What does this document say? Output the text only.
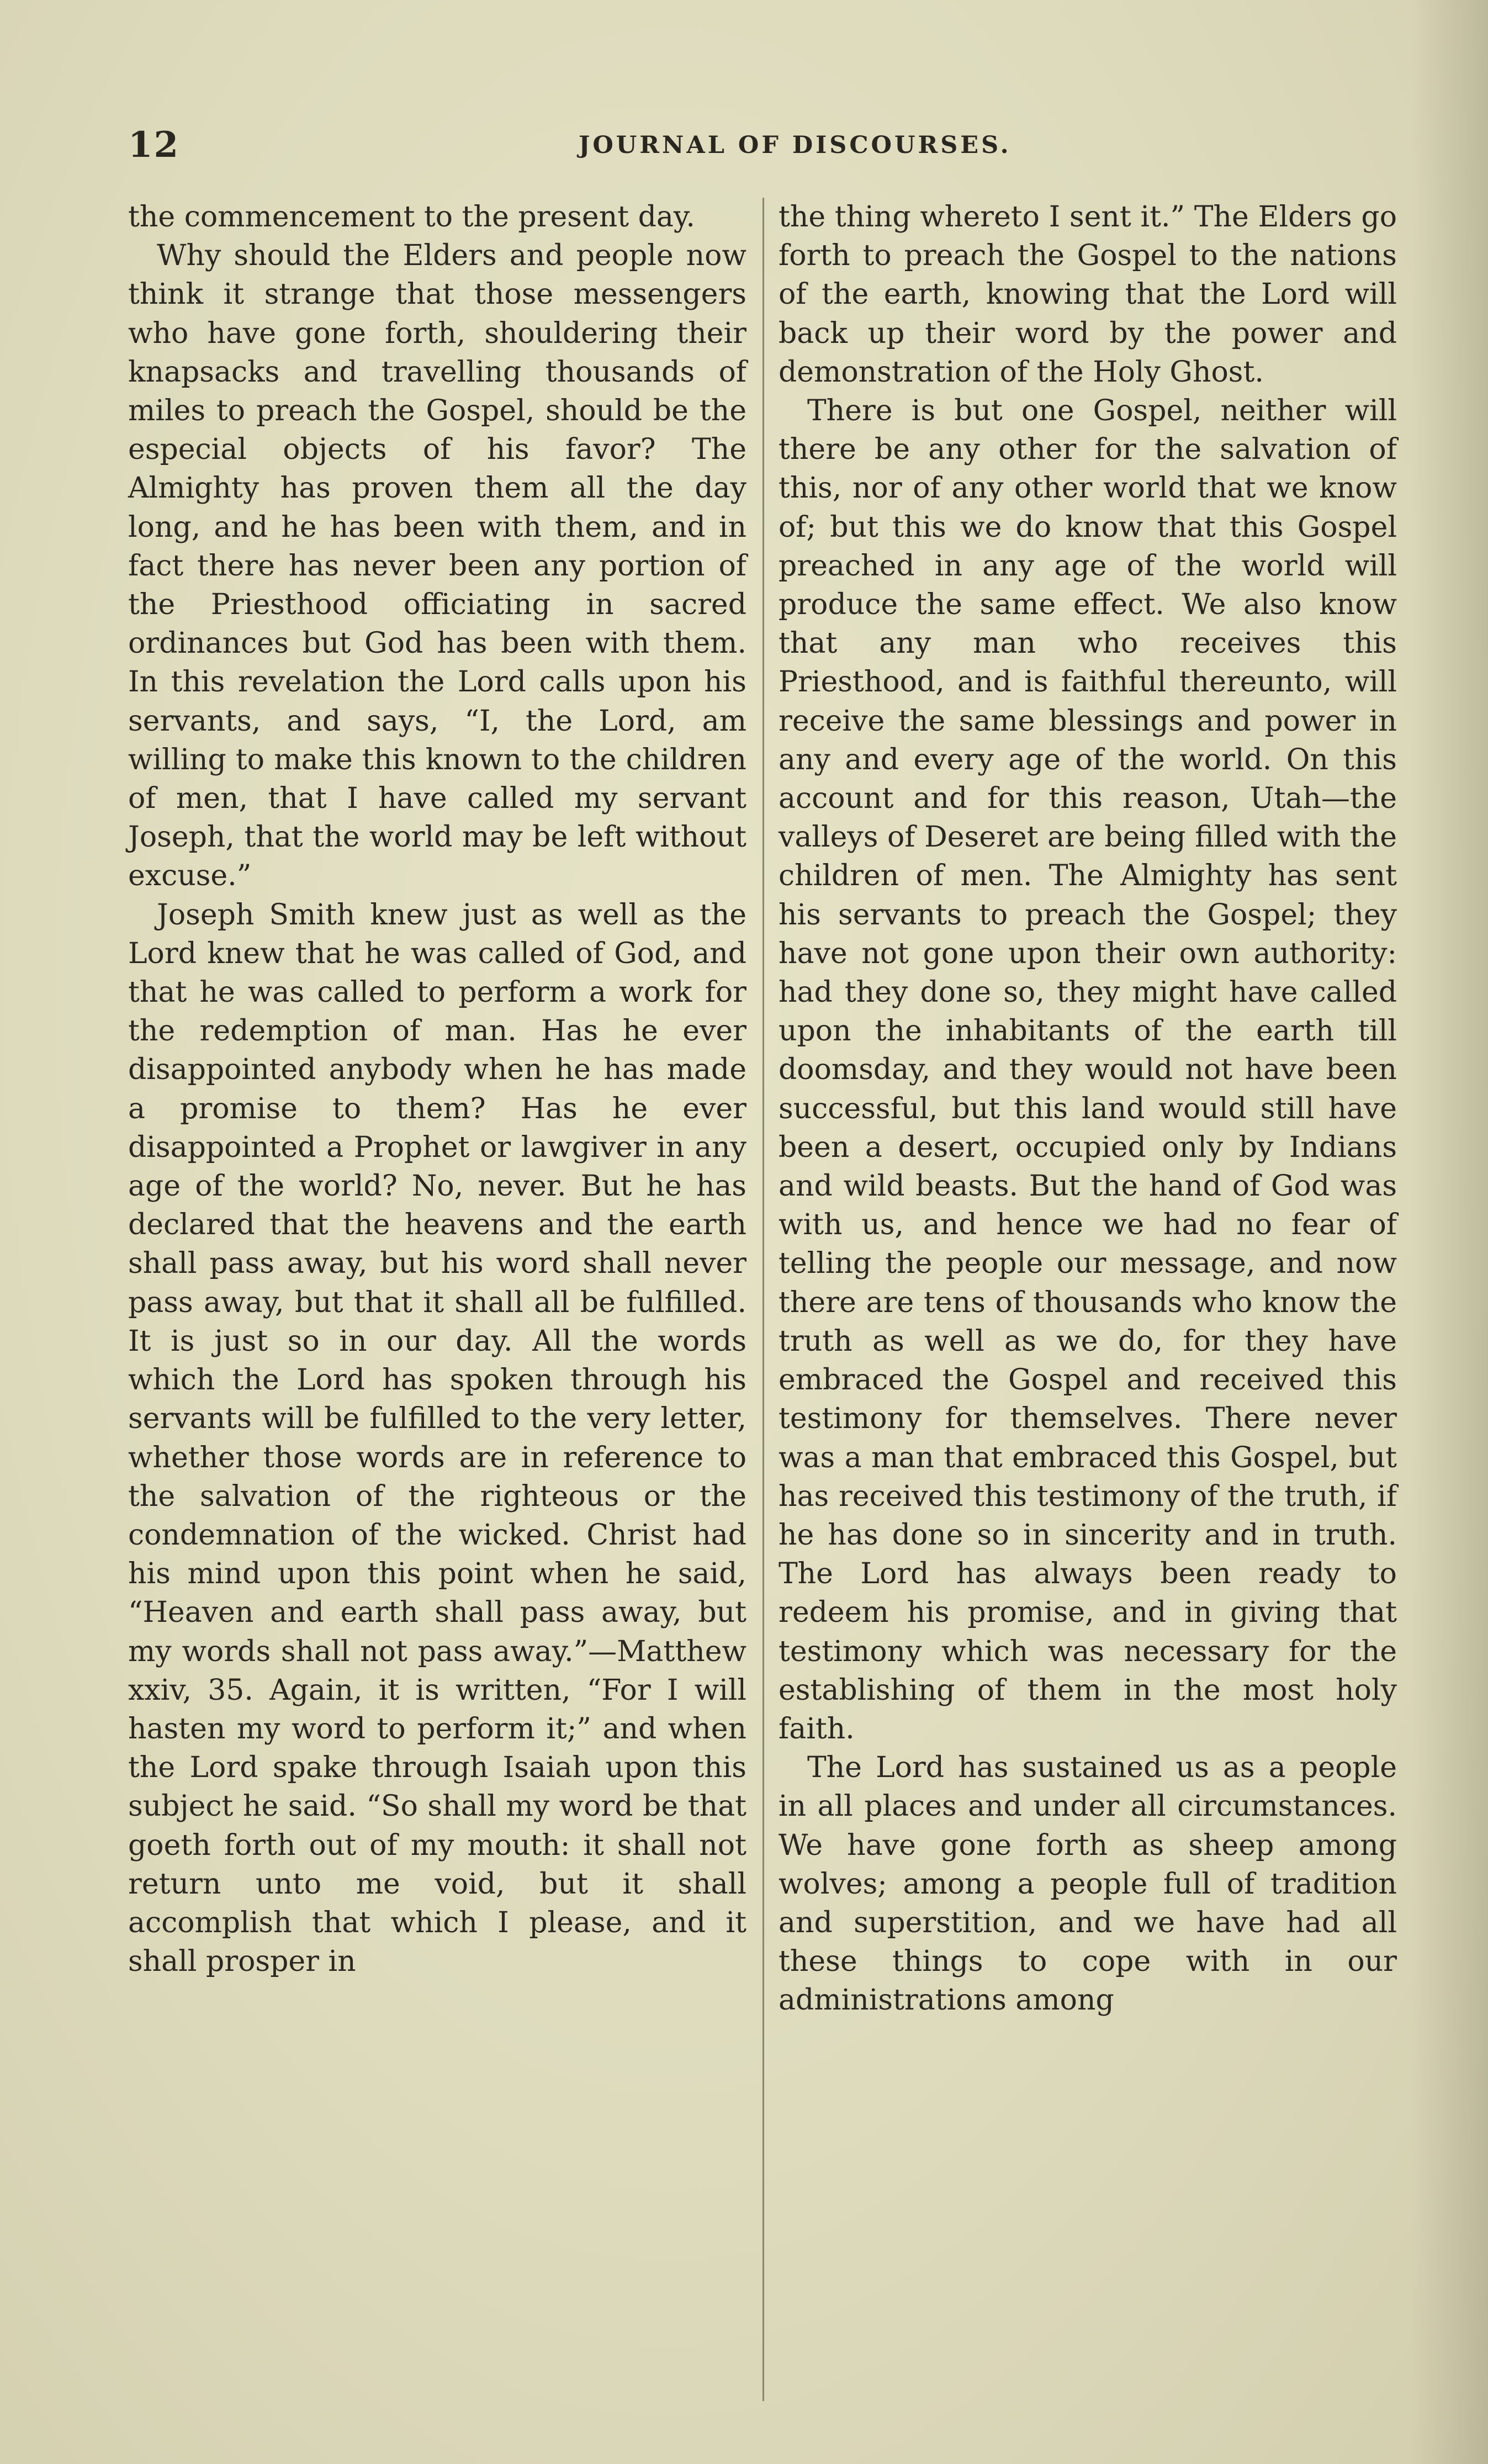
12	JOURNAL OF DISCOURSES.

the commencement to the present day.

Why should the Elders and people now think it strange that those messengers who have gone forth, shouldering their knapsacks and travelling thousands of miles to preach the Gospel, should be the especial objects of his favor? The Almighty has proven them all the day long, and he has been with them, and in fact there has never been any portion of the Priesthood officiating in sacred ordinances but God has been with them. In this revelation the Lord calls upon his servants, and says, “I, the Lord, am willing to make this known to the children of men, that I have called my servant Joseph, that the world may be left without excuse.”

Joseph Smith knew just as well as the Lord knew that he was called of God, and that he was called to perform a work for the redemption of man. Has he ever disappointed anybody when he has made a promise to them? Has he ever disappointed a Prophet or lawgiver in any age of the world? No, never. But he has declared that the heavens and the earth shall pass away, but his word shall never pass away, but that it shall all be fulfilled. It is just so in our day. All the words which the Lord has spoken through his servants will be fulfilled to the very letter, whether those words are in reference to the salvation of the righteous or the condemnation of the wicked. Christ had his mind upon this point when he said, “Heaven and earth shall pass away, but my words shall not pass away.”—Matthew xxiv, 35. Again, it is written, “For I will hasten my word to perform it;” and when the Lord spake through Isaiah upon this subject he said. “So shall my word be that goeth forth out of my mouth: it shall not return unto me void, but it shall accomplish that which I please, and it shall prosper in

the thing whereto I sent it.” The Elders go forth to preach the Gospel to the nations of the earth, knowing that the Lord will back up their word by the power and demonstration of the Holy Ghost.

There is but one Gospel, neither will there be any other for the salvation of this, nor of any other world that we know of; but this we do know that this Gospel preached in any age of the world will produce the same effect. We also know that any man who receives this Priesthood, and is faithful thereunto, will receive the same blessings and power in any and every age of the world. On this account and for this reason, Utah—the valleys of Deseret are being filled with the children of men. The Almighty has sent his servants to preach the Gospel; they have not gone upon their own authority: had they done so, they might have called upon the inhabitants of the earth till doomsday, and they would not have been successful, but this land would still have been a desert, occupied only by Indians and wild beasts. But the hand of God was with us, and hence we had no fear of telling the people our message, and now there are tens of thousands who know the truth as well as we do, for they have embraced the Gospel and received this testimony for themselves. There never was a man that embraced this Gospel, but has received this testimony of the truth, if he has done so in sincerity and in truth. The Lord has always been ready to redeem his promise, and in giving that testimony which was necessary for the establishing of them in the most holy faith.

The Lord has sustained us as a people in all places and under all circumstances. We have gone forth as sheep among wolves; among a people full of tradition and superstition, and we have had all these things to cope with in our administrations among
